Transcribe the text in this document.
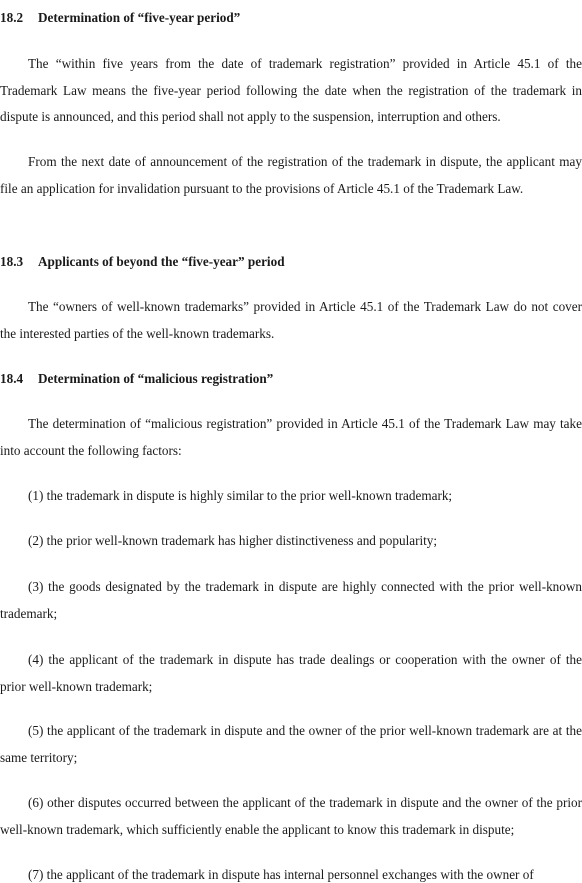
18.2 Determination of “five-year period”

The “within five years from the date of trademark registration” provided in Article 45.1 of the Trademark Law means the five-year period following the date when the registration of the trademark in dispute is announced, and this period shall not apply to the suspension, interruption and others.

From the next date of announcement of the registration of the trademark in dispute, the applicant may file an application for invalidation pursuant to the provisions of Article 45.1 of the Trademark Law.

18.3 Applicants of beyond the “five-year” period

The “owners of well-known trademarks” provided in Article 45.1 of the Trademark Law do not cover the interested parties of the well-known trademarks.

18.4 Determination of “malicious registration”

The determination of “malicious registration” provided in Article 45.1 of the Trademark Law may take into account the following factors:

(1) the trademark in dispute is highly similar to the prior well-known trademark;

(2) the prior well-known trademark has higher distinctiveness and popularity;

(3) the goods designated by the trademark in dispute are highly connected with the prior well-known trademark;

(4) the applicant of the trademark in dispute has trade dealings or cooperation with the owner of the prior well-known trademark;

(5) the applicant of the trademark in dispute and the owner of the prior well-known trademark are at the same territory;

(6) other disputes occurred between the applicant of the trademark in dispute and the owner of the prior well-known trademark, which sufficiently enable the applicant to know this trademark in dispute;

(7) the applicant of the trademark in dispute has internal personnel exchanges with the owner of
